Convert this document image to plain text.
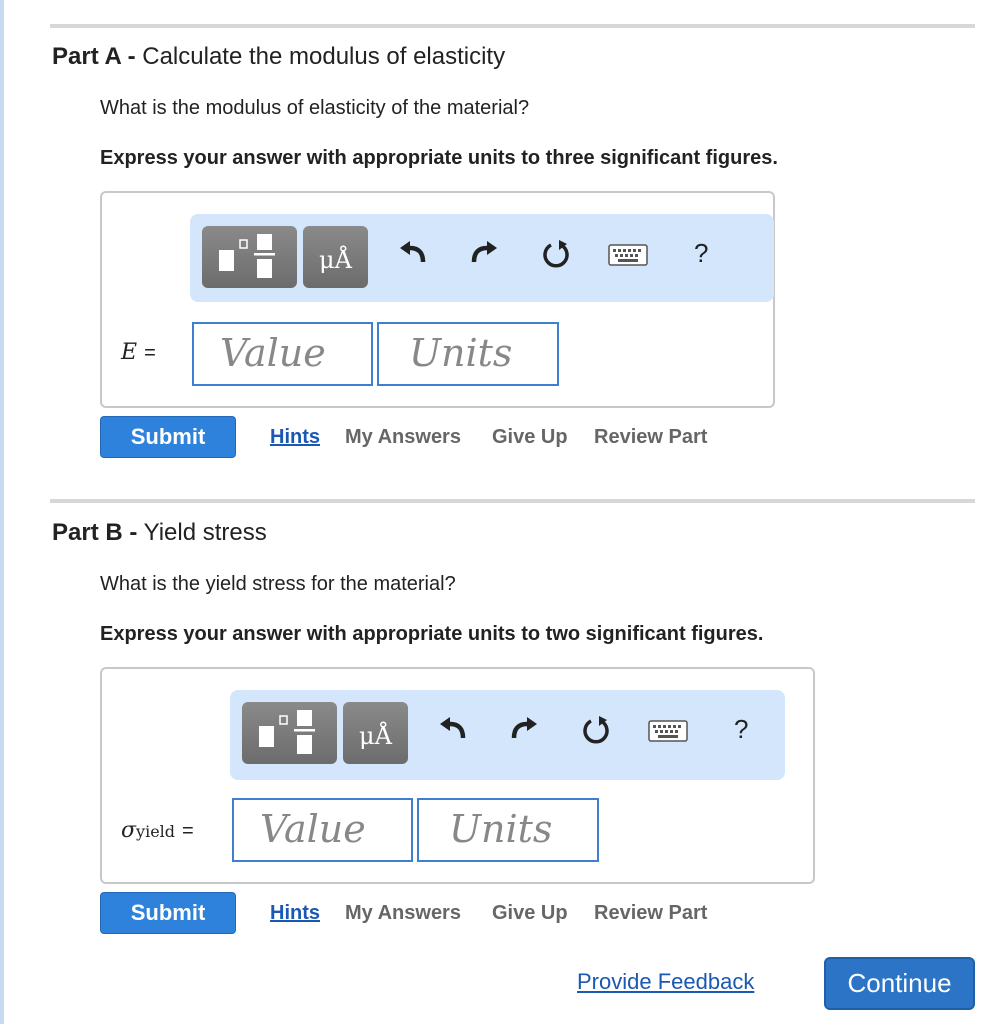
Part A - Calculate the modulus of elasticity
What is the modulus of elasticity of the material?
Express your answer with appropriate units to three significant figures.
μÅ	?
E =	Value	Units
Submit	Hints My Answers Give Up Review Part
Part B - Yield stress
What is the yield stress for the material?
Express your answer with appropriate units to two significant figures.
μÅ	?
σyield =	Value	Units
Submit	Hints My Answers Give Up Review Part
Provide Feedback	Continue
